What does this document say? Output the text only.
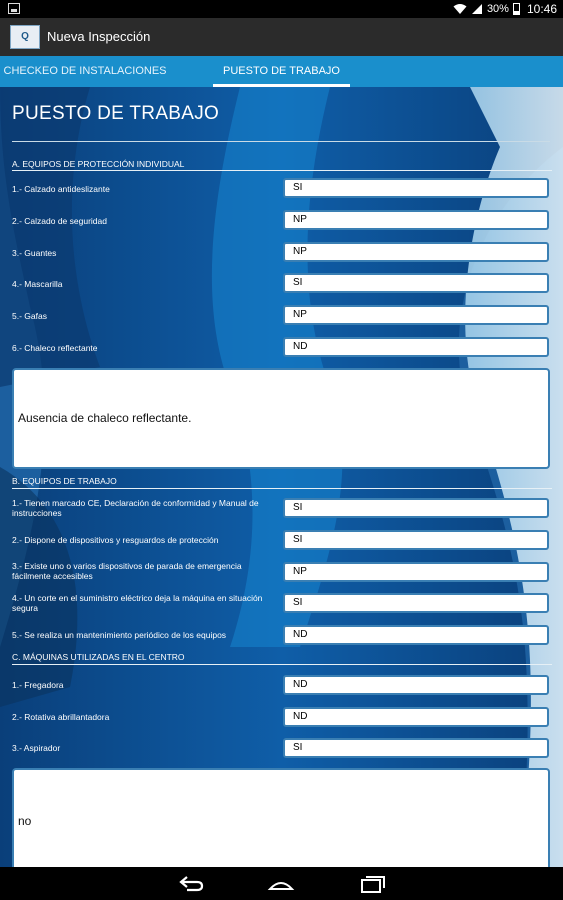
30% 10:46
Q	Nueva Inspección
CHECKEO DE INSTALACIONES	PUESTO DE TRABAJO
PUESTO DE TRABAJO
A. EQUIPOS DE PROTECCIÓN INDIVIDUAL
1.- Calzado antideslizante	SI
2.- Calzado de seguridad	NP
3.- Guantes	NP
4.- Mascarilla	SI
5.- Gafas	NP
6.- Chaleco reflectante	ND
Ausencia de chaleco reflectante.
B. EQUIPOS DE TRABAJO
1.- Tienen marcado CE, Declaración de conformidad y Manual de instrucciones	SI
2.- Dispone de dispositivos y resguardos de protección	SI
3.- Existe uno o varios dispositivos de parada de emergencia fácilmente accesibles	NP
4.- Un corte en el suministro eléctrico deja la máquina en situación segura	SI
5.- Se realiza un mantenimiento periódico de los equipos	ND
C. MÁQUINAS UTILIZADAS EN EL CENTRO
1.- Fregadora	ND
2.- Rotativa abrillantadora	ND
3.- Aspirador	SI
no
